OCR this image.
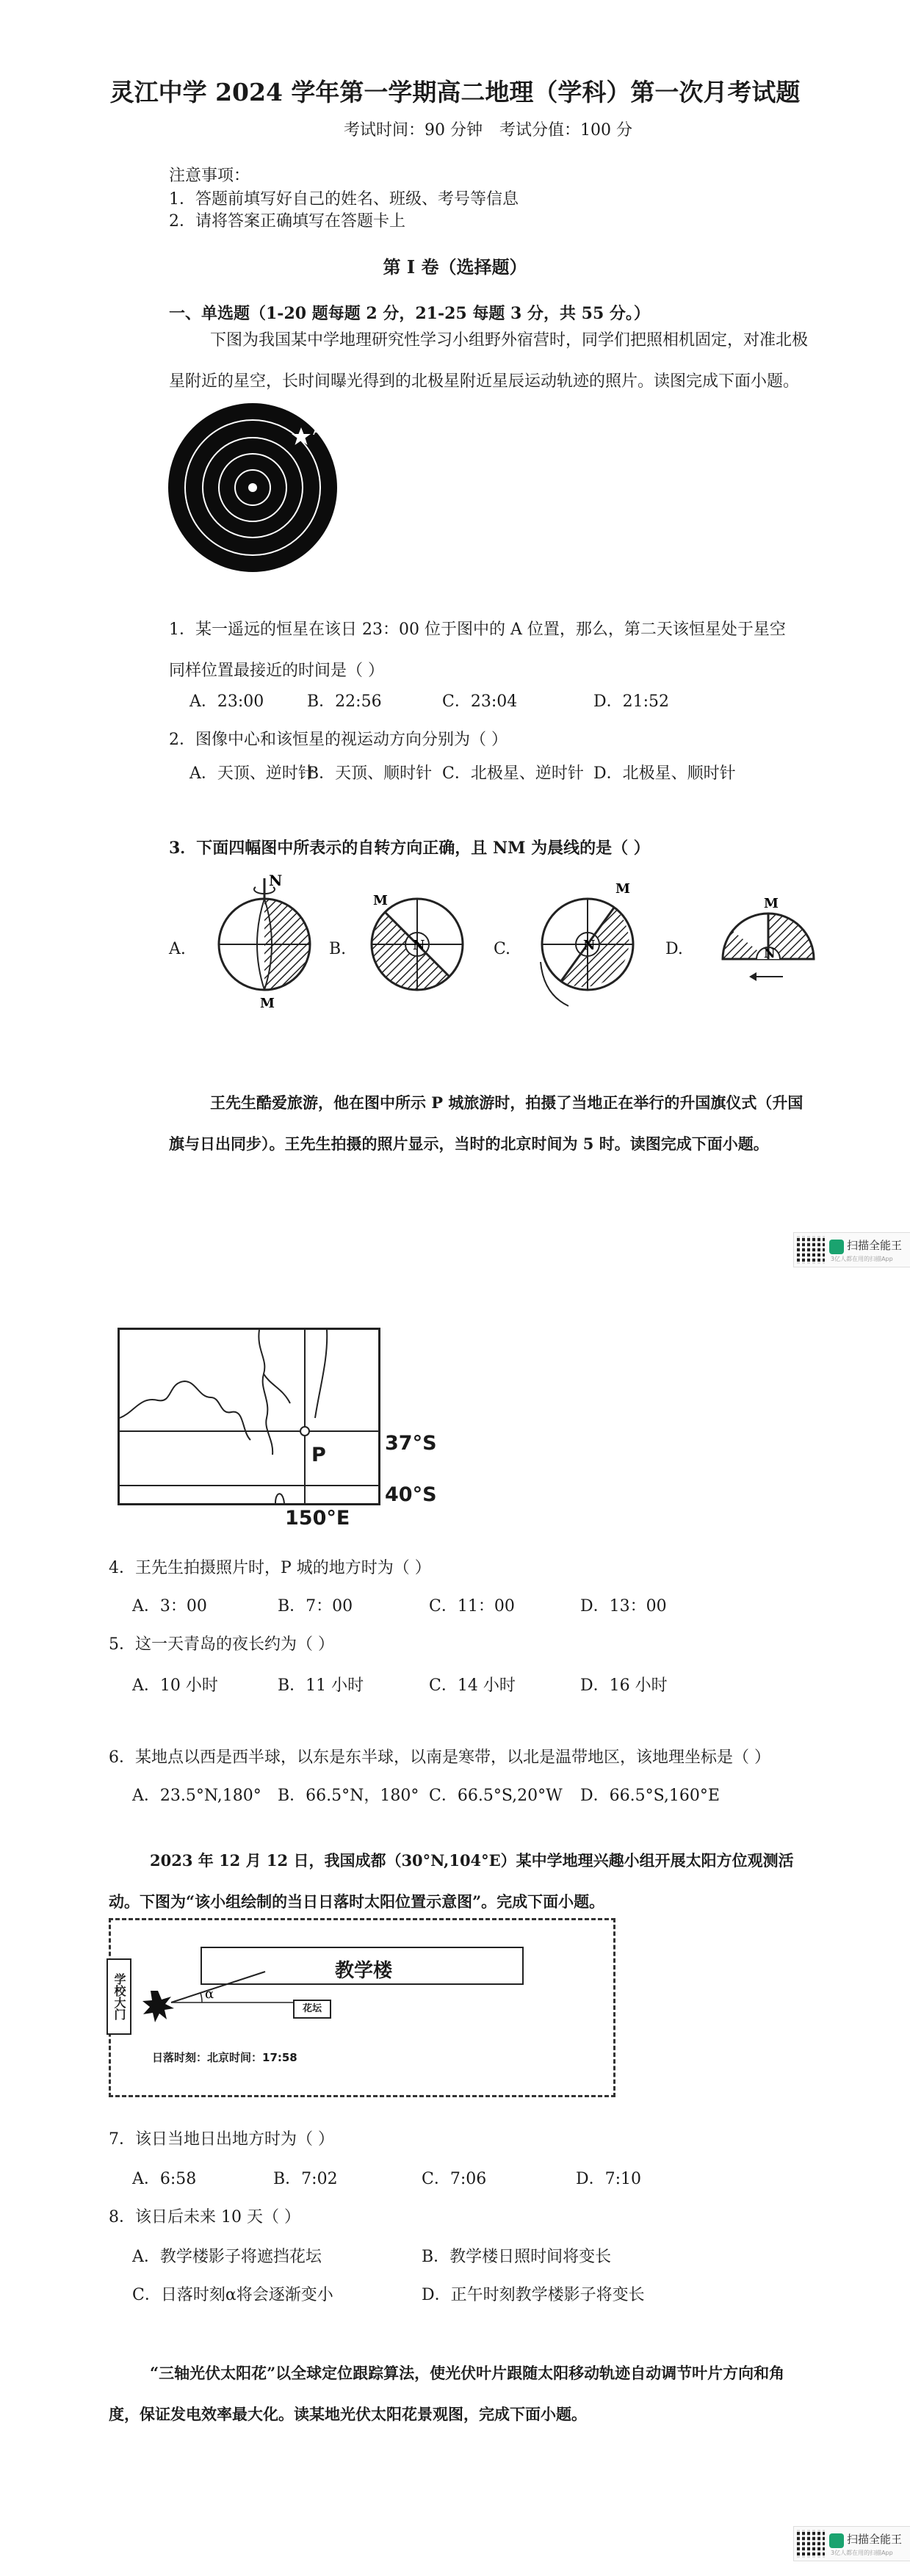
灵江中学 2024 学年第一学期高二地理（学科）第一次月考试题
考试时间：90 分钟 考试分值：100 分
注意事项：
1．答题前填写好自己的姓名、班级、考号等信息
2．请将答案正确填写在答题卡上
第 I 卷（选择题）
一、单选题（1-20 题每题 2 分，21-25 每题 3 分，共 55 分。）
下图为我国某中学地理研究性学习小组野外宿营时，同学们把照相机固定，对准北极星附近的星空，长时间曝光得到的北极星附近星辰运动轨迹的照片。读图完成下面小题。
A
1．某一遥远的恒星在该日 23：00 位于图中的 A 位置，那么，第二天该恒星处于星空同样位置最接近的时间是（ ）
A．23:00	B．22:56	C．23:04	D．21:52
2．图像中心和该恒星的视运动方向分别为（ ）
A．天顶、逆时针
B．天顶、顺时针 C．北极星、逆时针 D．北极星、顺时针
3．下面四幅图中所表示的自转方向正确，且 NM 为晨线的是（ ）
A.
N
M
B.	N
M
C.	N
M
D.	N
M
王先生酷爱旅游，他在图中所示 P 城旅游时，拍摄了当地正在举行的升国旗仪式（升国旗与日出同步）。王先生拍摄的照片显示，当时的北京时间为 5 时。读图完成下面小题。
扫描全能王
3亿人都在用的扫描App
37°S
40°S
150°E
P
4．王先生拍摄照片时，P 城的地方时为（ ）
A．3：00	B．7：00	C．11：00	D．13：00
5．这一天青岛的夜长约为（ ）
A．10 小时	B．11 小时	C．14 小时	D．16 小时
6．某地点以西是西半球，以东是东半球，以南是寒带，以北是温带地区，该地理坐标是（ ）
A．23.5°N,180° B．66.5°N，180° C．66.5°S,20°W D．66.5°S,160°E
2023 年 12 月 12 日，我国成都（30°N,104°E）某中学地理兴趣小组开展太阳方位观测活动。下图为“该小组绘制的当日日落时太阳位置示意图”。完成下面小题。
学校大门
教学楼
花坛
α
日落时刻：北京时间：17:58
7．该日当地日出地方时为（ ）
A．6:58	B．7:02	C．7:06	D．7:10
8．该日后未来 10 天（ ）
A．教学楼影子将遮挡花坛	B．教学楼日照时间将变长
C．日落时刻α将会逐渐变小	D．正午时刻教学楼影子将变长
“三轴光伏太阳花”以全球定位跟踪算法，使光伏叶片跟随太阳移动轨迹自动调节叶片方向和角度，保证发电效率最大化。读某地光伏太阳花景观图，完成下面小题。
扫描全能王
3亿人都在用的扫描App
